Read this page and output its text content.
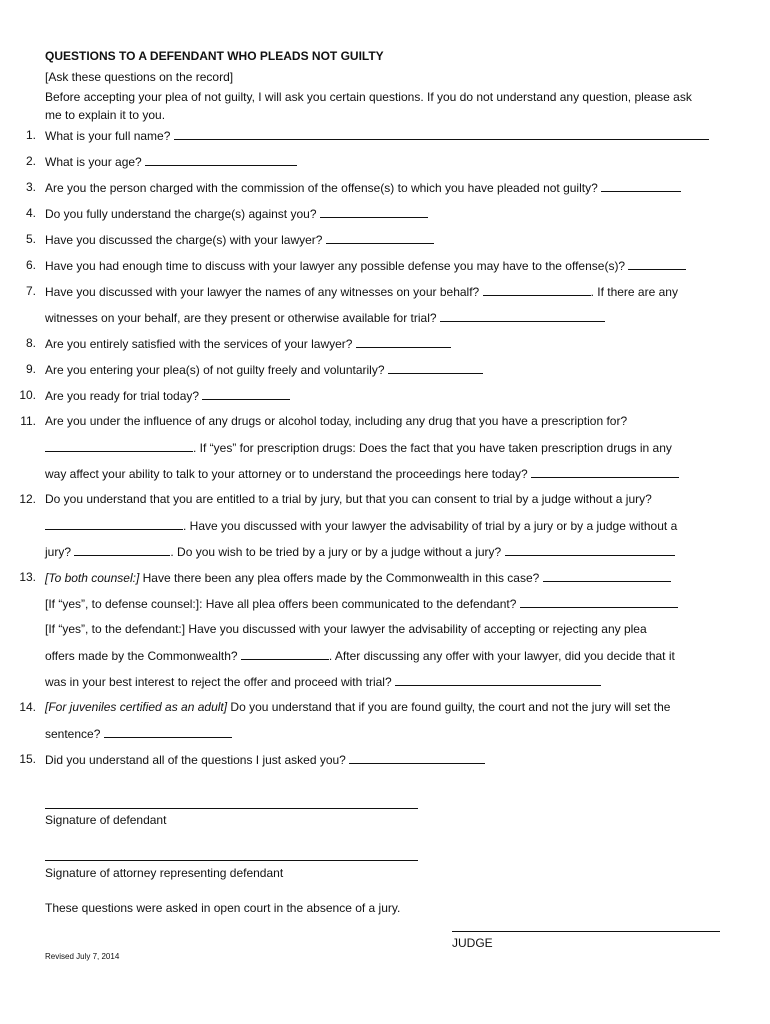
QUESTIONS TO A DEFENDANT WHO PLEADS NOT GUILTY
[Ask these questions on the record]
Before accepting your plea of not guilty, I will ask you certain questions. If you do not understand any question, please ask
me to explain it to you.
1. What is your full name?
2. What is your age?
3. Are you the person charged with the commission of the offense(s) to which you have pleaded not guilty?
4. Do you fully understand the charge(s) against you?
5. Have you discussed the charge(s) with your lawyer?
6. Have you had enough time to discuss with your lawyer any possible defense you may have to the offense(s)?
7. Have you discussed with your lawyer the names of any witnesses on your behalf?	. If there are any
witnesses on your behalf, are they present or otherwise available for trial?
8. Are you entirely satisfied with the services of your lawyer?
9. Are you entering your plea(s) of not guilty freely and voluntarily?
10. Are you ready for trial today?
11. Are you under the influence of any drugs or alcohol today, including any drug that you have a prescription for?
. If “yes” for prescription drugs: Does the fact that you have taken prescription drugs in any
way affect your ability to talk to your attorney or to understand the proceedings here today?
12. Do you understand that you are entitled to a trial by jury, but that you can consent to trial by a judge without a jury?
. Have you discussed with your lawyer the advisability of trial by a jury or by a judge without a
jury?	. Do you wish to be tried by a jury or by a judge without a jury?
13. [To both counsel:] Have there been any plea offers made by the Commonwealth in this case?
[If “yes”, to defense counsel:]: Have all plea offers been communicated to the defendant?
[If “yes”, to the defendant:] Have you discussed with your lawyer the advisability of accepting or rejecting any plea
offers made by the Commonwealth?	. After discussing any offer with your lawyer, did you decide that it
was in your best interest to reject the offer and proceed with trial?
14. [For juveniles certified as an adult] Do you understand that if you are found guilty, the court and not the jury will set the
sentence?
15. Did you understand all of the questions I just asked you?
Signature of defendant
Signature of attorney representing defendant
These questions were asked in open court in the absence of a jury.
JUDGE
Revised July 7, 2014
